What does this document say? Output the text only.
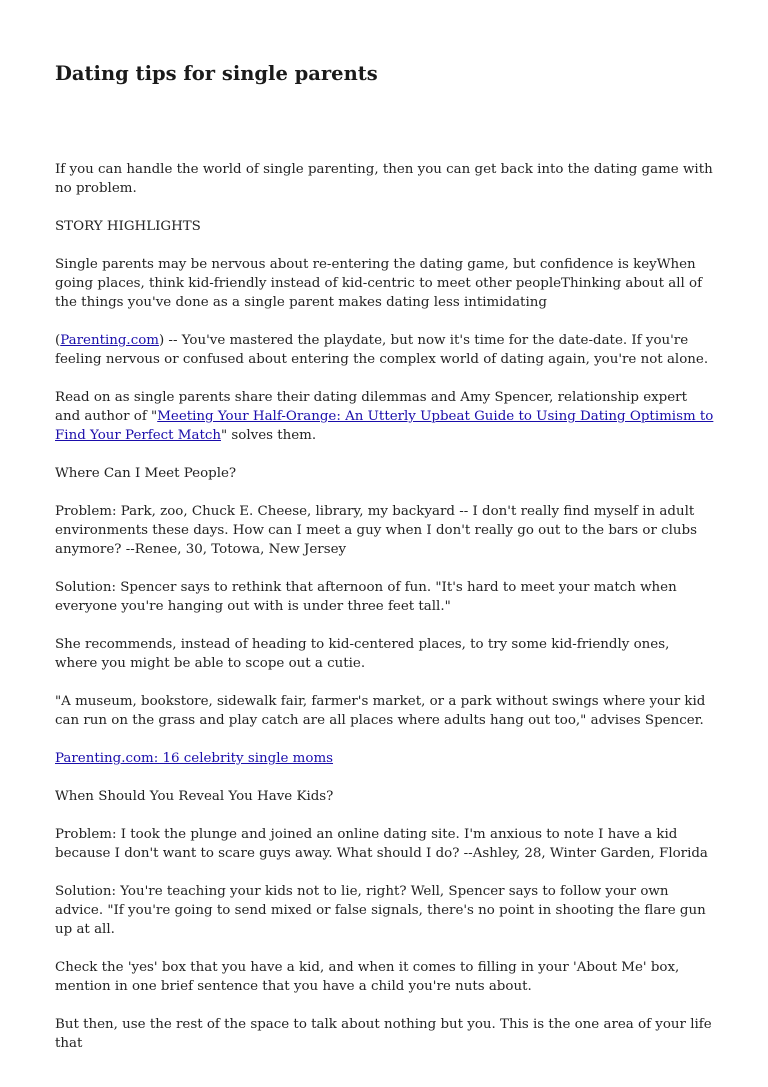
Dating tips for single parents

If you can handle the world of single parenting, then you can get back into the dating game with no problem.

STORY HIGHLIGHTS

Single parents may be nervous about re-entering the dating game, but confidence is keyWhen going places, think kid-friendly instead of kid-centric to meet other peopleThinking about all of the things you've done as a single parent makes dating less intimidating

(Parenting.com) -- You've mastered the playdate, but now it's time for the date-date. If you're feeling nervous or confused about entering the complex world of dating again, you're not alone.

Read on as single parents share their dating dilemmas and Amy Spencer, relationship expert and author of "Meeting Your Half-Orange: An Utterly Upbeat Guide to Using Dating Optimism to Find Your Perfect Match" solves them.

Where Can I Meet People?

Problem: Park, zoo, Chuck E. Cheese, library, my backyard -- I don't really find myself in adult environments these days. How can I meet a guy when I don't really go out to the bars or clubs anymore? --Renee, 30, Totowa, New Jersey

Solution: Spencer says to rethink that afternoon of fun. "It's hard to meet your match when everyone you're hanging out with is under three feet tall."

She recommends, instead of heading to kid-centered places, to try some kid-friendly ones, where you might be able to scope out a cutie.

"A museum, bookstore, sidewalk fair, farmer's market, or a park without swings where your kid can run on the grass and play catch are all places where adults hang out too," advises Spencer.

Parenting.com: 16 celebrity single moms

When Should You Reveal You Have Kids?

Problem: I took the plunge and joined an online dating site. I'm anxious to note I have a kid because I don't want to scare guys away. What should I do? --Ashley, 28, Winter Garden, Florida

Solution: You're teaching your kids not to lie, right? Well, Spencer says to follow your own advice. "If you're going to send mixed or false signals, there's no point in shooting the flare gun up at all.

Check the 'yes' box that you have a kid, and when it comes to filling in your 'About Me' box, mention in one brief sentence that you have a child you're nuts about.

But then, use the rest of the space to talk about nothing but you. This is the one area of your life that
